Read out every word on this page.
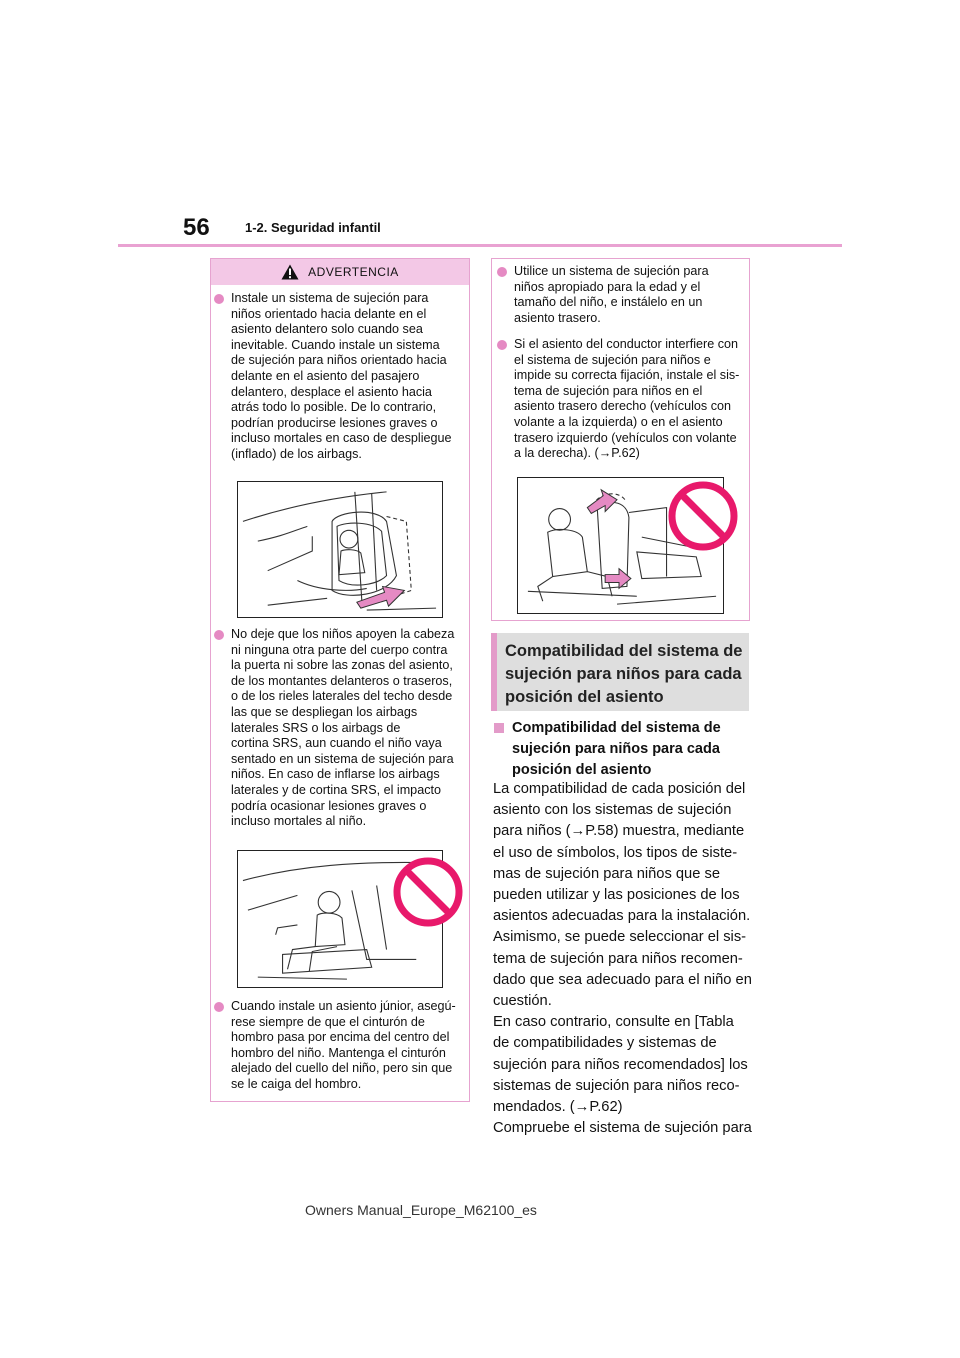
56	1-2. Seguridad infantil
ADVERTENCIA
Instale un sistema de sujeción para
niños orientado hacia delante en el
asiento delantero solo cuando sea
inevitable. Cuando instale un sistema
de sujeción para niños orientado hacia
delante en el asiento del pasajero
delantero, desplace el asiento hacia
atrás todo lo posible. De lo contrario,
podrían producirse lesiones graves o
incluso mortales en caso de despliegue
(inflado) de los airbags.
No deje que los niños apoyen la cabeza
ni ninguna otra parte del cuerpo contra
la puerta ni sobre las zonas del asiento,
de los montantes delanteros o traseros,
o de los rieles laterales del techo desde
las que se despliegan los airbags
laterales SRS o los airbags de
cortina SRS, aun cuando el niño vaya
sentado en un sistema de sujeción para
niños. En caso de inflarse los airbags
laterales y de cortina SRS, el impacto
podría ocasionar lesiones graves o
incluso mortales al niño.
Cuando instale un asiento júnior, asegú-
rese siempre de que el cinturón de
hombro pasa por encima del centro del
hombro del niño. Mantenga el cinturón
alejado del cuello del niño, pero sin que
se le caiga del hombro.
Utilice un sistema de sujeción para
niños apropiado para la edad y el
tamaño del niño, e instálelo en un
asiento trasero.
Si el asiento del conductor interfiere con
el sistema de sujeción para niños e
impide su correcta fijación, instale el sis-
tema de sujeción para niños en el
asiento trasero derecho (vehículos con
volante a la izquierda) o en el asiento
trasero izquierdo (vehículos con volante
a la derecha). (→P.62)
Compatibilidad del sistema de
sujeción para niños para cada
posición del asiento
Compatibilidad del sistema de
sujeción para niños para cada
posición del asiento
La compatibilidad de cada posición del
asiento con los sistemas de sujeción
para niños (→P.58) muestra, mediante
el uso de símbolos, los tipos de siste-
mas de sujeción para niños que se
pueden utilizar y las posiciones de los
asientos adecuadas para la instalación.
Asimismo, se puede seleccionar el sis-
tema de sujeción para niños recomen-
dado que sea adecuado para el niño en
cuestión.
En caso contrario, consulte en [Tabla
de compatibilidades y sistemas de
sujeción para niños recomendados] los
sistemas de sujeción para niños reco-
mendados. (→P.62)
Compruebe el sistema de sujeción para
Owners Manual_Europe_M62100_es
